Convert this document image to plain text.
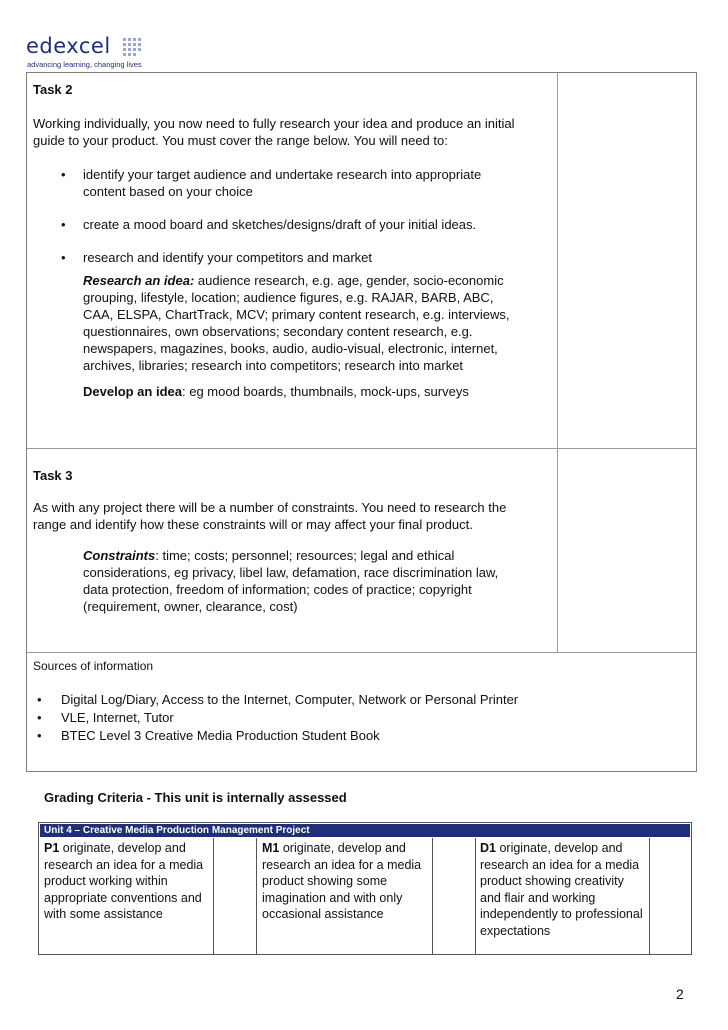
edexcel
advancing learning, changing lives
Task 2

Working individually, you now need to fully research your idea and produce an initial

guide to your product. You must cover the range below. You will need to:

• identify your target audience and undertake research into appropriate content based on your choice
• create a mood board and sketches/designs/draft of your initial ideas.
• research and identify your competitors and market
Research an idea: audience research, e.g. age, gender, socio-economic grouping, lifestyle, location; audience figures, e.g. RAJAR, BARB, ABC, CAA, ELSPA, ChartTrack, MCV; primary content research, e.g. interviews, questionnaires, own observations; secondary content research, e.g. newspapers, magazines, books, audio, audio-visual, electronic, internet, archives, libraries; research into competitors; research into market
Develop an idea: eg mood boards, thumbnails, mock-ups, surveys
Task 3

As with any project there will be a number of constraints. You need to research the range and identify how these constraints will or may affect your final product.

Constraints: time; costs; personnel; resources; legal and ethical considerations, eg privacy, libel law, defamation, race discrimination law, data protection, freedom of information; codes of practice; copyright (requirement, owner, clearance, cost)
Sources of information
• Digital Log/Diary, Access to the Internet, Computer, Network or Personal Printer
• VLE, Internet, Tutor
• BTEC Level 3 Creative Media Production Student Book
Grading Criteria - This unit is internally assessed
Unit 4 – Creative Media Production Management Project
P1 originate, develop and research an idea for a media product working within appropriate conventions and with some assistance
M1 originate, develop and research an idea for a media product showing some imagination and with only occasional assistance
D1 originate, develop and research an idea for a media product showing creativity and flair and working independently to professional expectations
2
